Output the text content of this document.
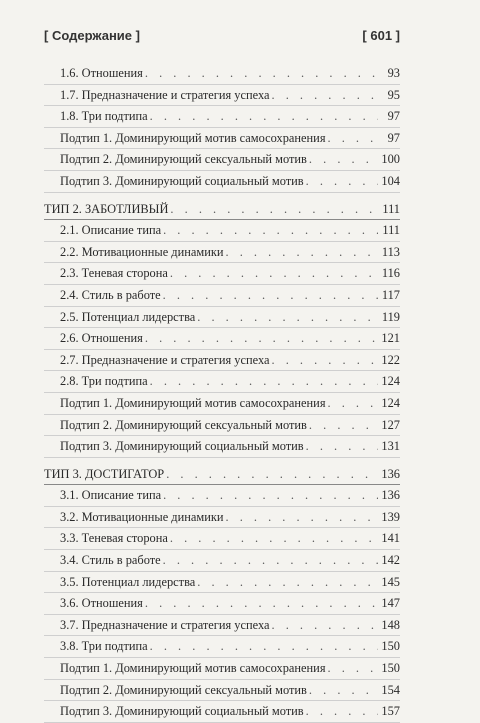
[ Содержание ]	[ 601 ]
1.6. Отношения . . .	93
1.7. Предназначение и стратегия успеха . . .	95
1.8. Три подтипа . . .	97
Подтип 1. Доминирующий мотив самосохранения . . .	97
Подтип 2. Доминирующий сексуальный мотив . . .	100
Подтип 3. Доминирующий социальный мотив . . .	104
ТИП 2. ЗАБОТЛИВЫЙ . . .	111
2.1. Описание типа . . .	111
2.2. Мотивационные динамики . . .	113
2.3. Теневая сторона . . .	116
2.4. Стиль в работе . . .	117
2.5. Потенциал лидерства . . .	119
2.6. Отношения . . .	121
2.7. Предназначение и стратегия успеха . . .	122
2.8. Три подтипа . . .	124
Подтип 1. Доминирующий мотив самосохранения . . .	124
Подтип 2. Доминирующий сексуальный мотив . . .	127
Подтип 3. Доминирующий социальный мотив . . .	131
ТИП 3. ДОСТИГАТОР . . .	136
3.1. Описание типа . . .	136
3.2. Мотивационные динамики . . .	139
3.3. Теневая сторона . . .	141
3.4. Стиль в работе . . .	142
3.5. Потенциал лидерства . . .	145
3.6. Отношения . . .	147
3.7. Предназначение и стратегия успеха . . .	148
3.8. Три подтипа . . .	150
Подтип 1. Доминирующий мотив самосохранения . . .	150
Подтип 2. Доминирующий сексуальный мотив . . .	154
Подтип 3. Доминирующий социальный мотив . . .	157
